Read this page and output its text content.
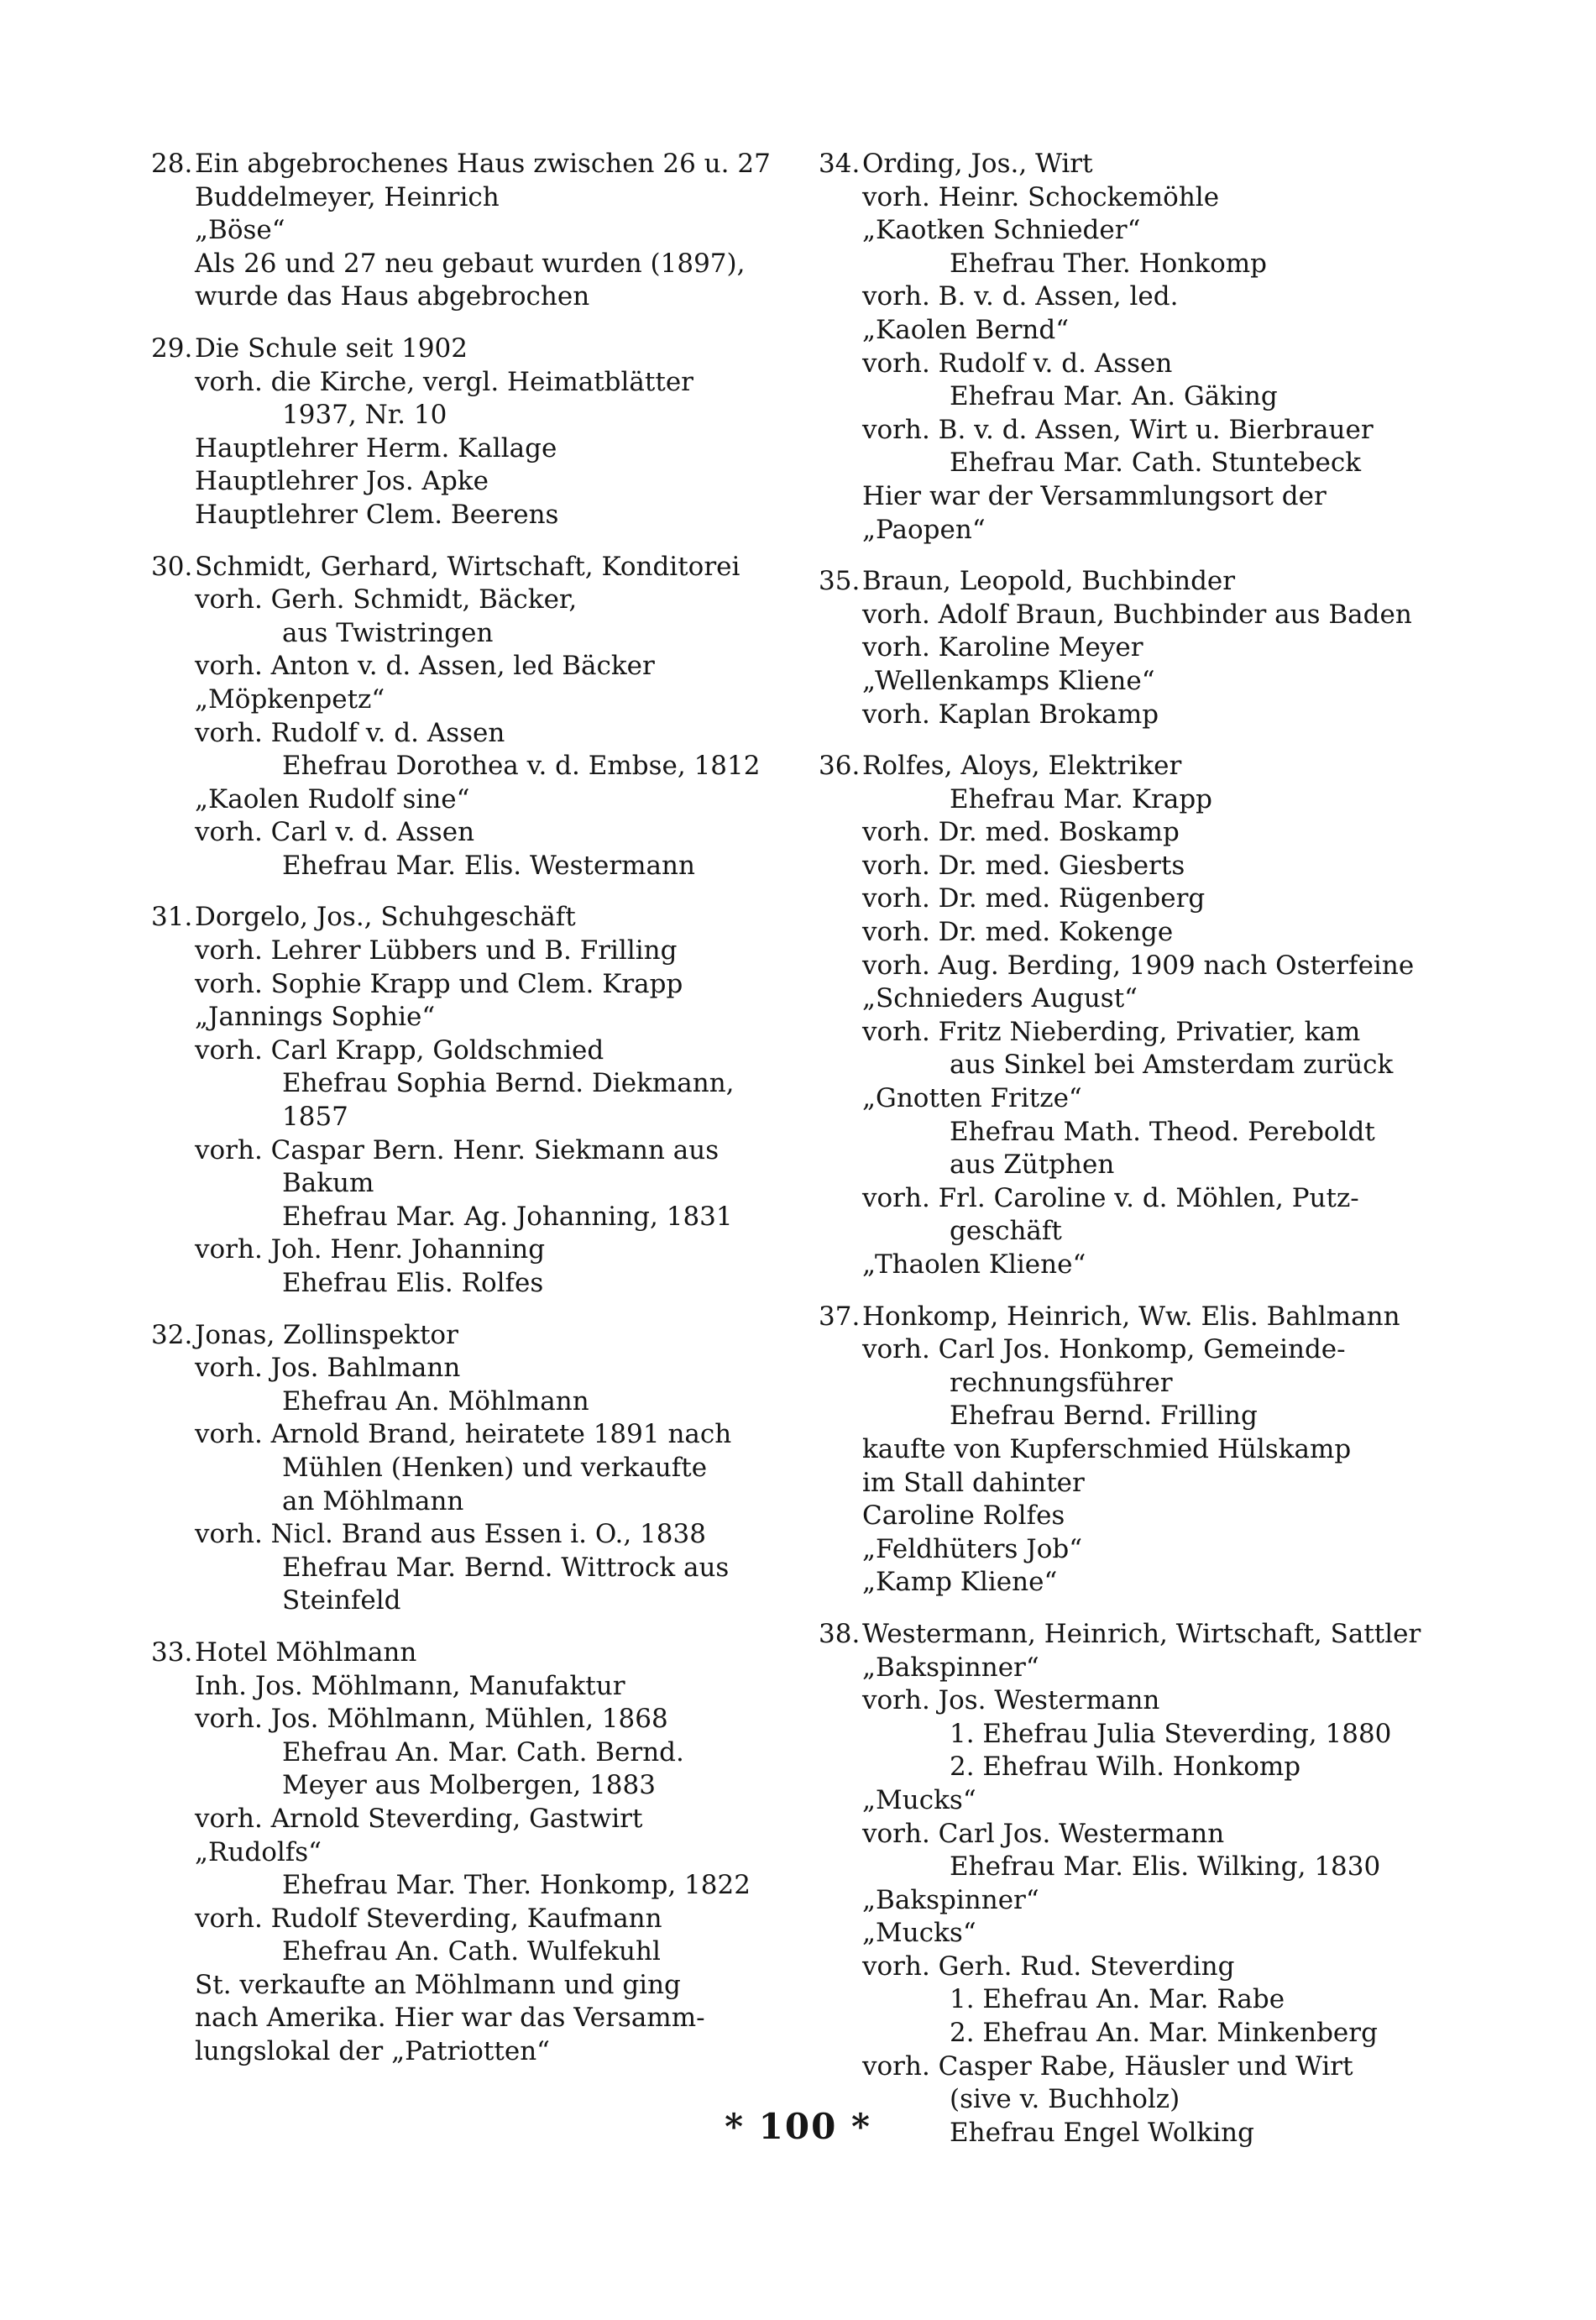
28. Ein abgebrochenes Haus zwischen 26 u. 27
Buddelmeyer, Heinrich
„Böse“
Als 26 und 27 neu gebaut wurden (1897),
wurde das Haus abgebrochen
29. Die Schule seit 1902
vorh. die Kirche, vergl. Heimatblätter
1937, Nr. 10
Hauptlehrer Herm. Kallage
Hauptlehrer Jos. Apke
Hauptlehrer Clem. Beerens
30. Schmidt, Gerhard, Wirtschaft, Konditorei
vorh. Gerh. Schmidt, Bäcker,
aus Twistringen
vorh. Anton v. d. Assen, led Bäcker
„Möpkenpetz“
vorh. Rudolf v. d. Assen
Ehefrau Dorothea v. d. Embse, 1812
„Kaolen Rudolf sine“
vorh. Carl v. d. Assen
Ehefrau Mar. Elis. Westermann
31. Dorgelo, Jos., Schuhgeschäft
vorh. Lehrer Lübbers und B. Frilling
vorh. Sophie Krapp und Clem. Krapp
„Jannings Sophie“
vorh. Carl Krapp, Goldschmied
Ehefrau Sophia Bernd. Diekmann,
1857
vorh. Caspar Bern. Henr. Siekmann aus
Bakum
Ehefrau Mar. Ag. Johanning, 1831
vorh. Joh. Henr. Johanning
Ehefrau Elis. Rolfes
32. Jonas, Zollinspektor
vorh. Jos. Bahlmann
Ehefrau An. Möhlmann
vorh. Arnold Brand, heiratete 1891 nach
Mühlen (Henken) und verkaufte
an Möhlmann
vorh. Nicl. Brand aus Essen i. O., 1838
Ehefrau Mar. Bernd. Wittrock aus
Steinfeld
33. Hotel Möhlmann
Inh. Jos. Möhlmann, Manufaktur
vorh. Jos. Möhlmann, Mühlen, 1868
Ehefrau An. Mar. Cath. Bernd.
Meyer aus Molbergen, 1883
vorh. Arnold Steverding, Gastwirt
„Rudolfs“
Ehefrau Mar. Ther. Honkomp, 1822
vorh. Rudolf Steverding, Kaufmann
Ehefrau An. Cath. Wulfekuhl
St. verkaufte an Möhlmann und ging
nach Amerika. Hier war das Versamm-
lungslokal der „Patriotten“
34. Ording, Jos., Wirt
vorh. Heinr. Schockemöhle
„Kaotken Schnieder“
Ehefrau Ther. Honkomp
vorh. B. v. d. Assen, led.
„Kaolen Bernd“
vorh. Rudolf v. d. Assen
Ehefrau Mar. An. Gäking
vorh. B. v. d. Assen, Wirt u. Bierbrauer
Ehefrau Mar. Cath. Stuntebeck
Hier war der Versammlungsort der
„Paopen“
35. Braun, Leopold, Buchbinder
vorh. Adolf Braun, Buchbinder aus Baden
vorh. Karoline Meyer
„Wellenkamps Kliene“
vorh. Kaplan Brokamp
36. Rolfes, Aloys, Elektriker
Ehefrau Mar. Krapp
vorh. Dr. med. Boskamp
vorh. Dr. med. Giesberts
vorh. Dr. med. Rügenberg
vorh. Dr. med. Kokenge
vorh. Aug. Berding, 1909 nach Osterfeine
„Schnieders August“
vorh. Fritz Nieberding, Privatier, kam
aus Sinkel bei Amsterdam zurück
„Gnotten Fritze“
Ehefrau Math. Theod. Pereboldt
aus Zütphen
vorh. Frl. Caroline v. d. Möhlen, Putz-
geschäft
„Thaolen Kliene“
37. Honkomp, Heinrich, Ww. Elis. Bahlmann
vorh. Carl Jos. Honkomp, Gemeinde-
rechnungsführer
Ehefrau Bernd. Frilling
kaufte von Kupferschmied Hülskamp
im Stall dahinter
Caroline Rolfes
„Feldhüters Job“
„Kamp Kliene“
38. Westermann, Heinrich, Wirtschaft, Sattler
„Bakspinner“
vorh. Jos. Westermann
1. Ehefrau Julia Steverding, 1880
2. Ehefrau Wilh. Honkomp
„Mucks“
vorh. Carl Jos. Westermann
Ehefrau Mar. Elis. Wilking, 1830
„Bakspinner“
„Mucks“
vorh. Gerh. Rud. Steverding
1. Ehefrau An. Mar. Rabe
2. Ehefrau An. Mar. Minkenberg
vorh. Casper Rabe, Häusler und Wirt
(sive v. Buchholz)
Ehefrau Engel Wolking
* 100 *
